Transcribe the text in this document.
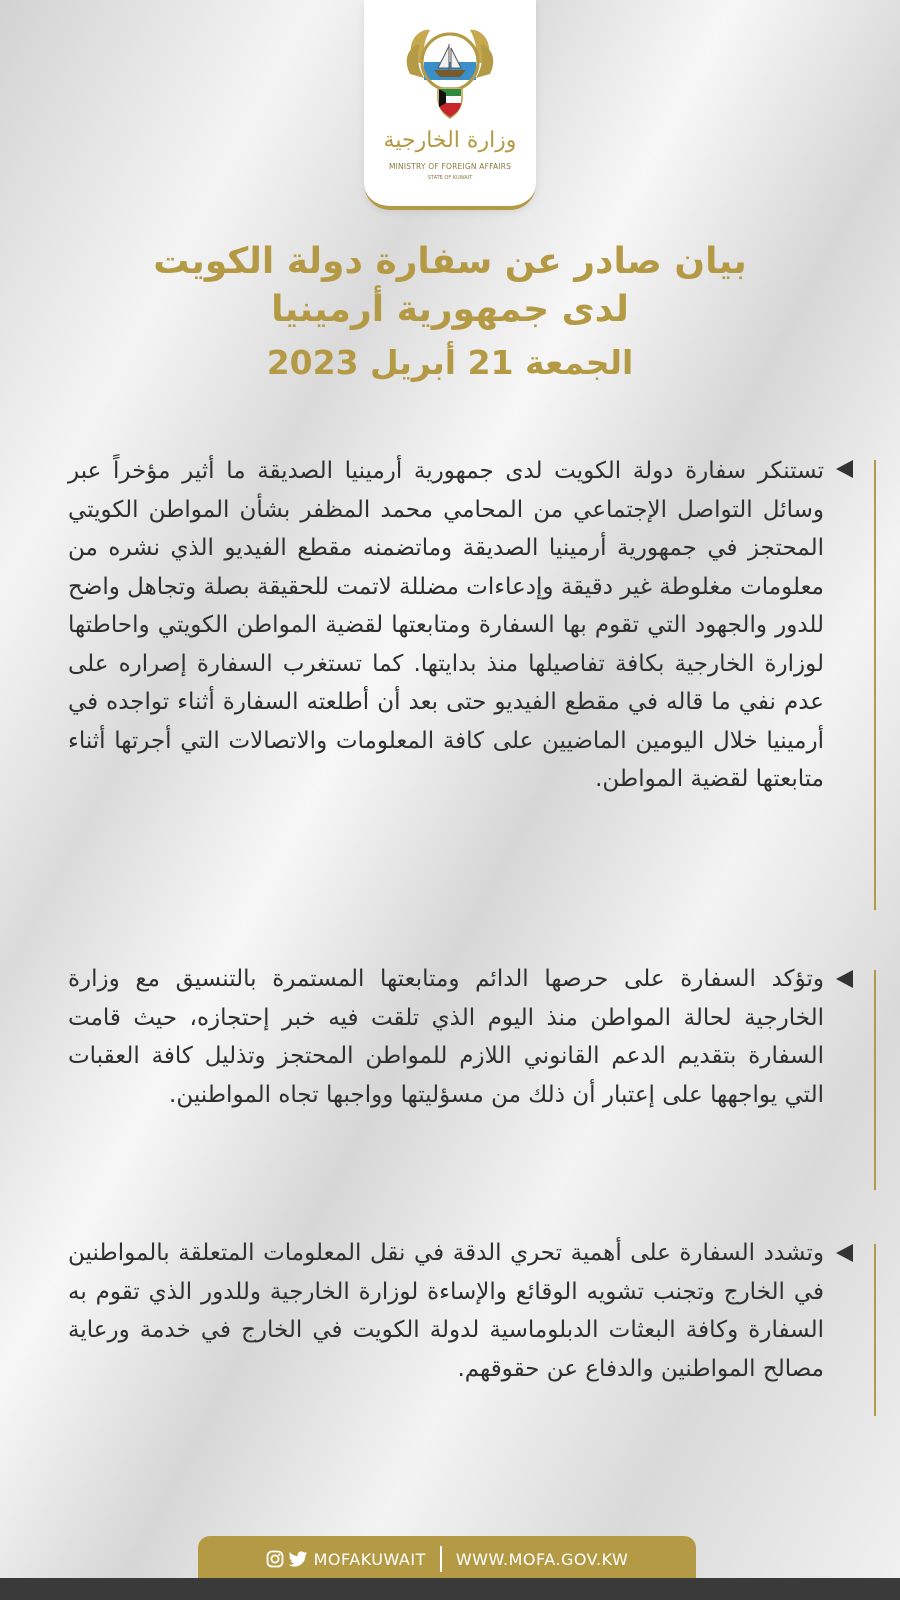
وزارة الخارجية
MINISTRY OF FOREIGN AFFAIRS
STATE OF KUWAIT
بيان صادر عن سفارة دولة الكويت
لدى جمهورية أرمينيا
الجمعة 21 أبريل 2023
تستنكر سفارة دولة الكويت لدى جمهورية أرمينيا الصديقة ما أثير مؤخراً عبر وسائل التواصل الإجتماعي من المحامي محمد المظفر بشأن المواطن الكويتي المحتجز في جمهورية أرمينيا الصديقة وماتضمنه مقطع الفيديو الذي نشره من معلومات مغلوطة غير دقيقة وإدعاءات مضللة لاتمت للحقيقة بصلة وتجاهل واضح للدور والجهود التي تقوم بها السفارة ومتابعتها لقضية المواطن الكويتي واحاطتها لوزارة الخارجية بكافة تفاصيلها منذ بدايتها. كما تستغرب السفارة إصراره على عدم نفي ما قاله في مقطع الفيديو حتى بعد أن أطلعته السفارة أثناء تواجده في أرمينيا خلال اليومين الماضيين على كافة المعلومات والاتصالات التي أجرتها أثناء متابعتها لقضية المواطن.
وتؤكد السفارة على حرصها الدائم ومتابعتها المستمرة بالتنسيق مع وزارة الخارجية لحالة المواطن منذ اليوم الذي تلقت فيه خبر إحتجازه، حيث قامت السفارة بتقديم الدعم القانوني اللازم للمواطن المحتجز وتذليل كافة العقبات التي يواجهها على إعتبار أن ذلك من مسؤليتها وواجبها تجاه المواطنين.
وتشدد السفارة على أهمية تحري الدقة في نقل المعلومات المتعلقة بالمواطنين في الخارج وتجنب تشويه الوقائع والإساءة لوزارة الخارجية وللدور الذي تقوم به السفارة وكافة البعثات الدبلوماسية لدولة الكويت في الخارج في خدمة ورعاية مصالح المواطنين والدفاع عن حقوقهم.
MOFAKUWAIT WWW.MOFA.GOV.KW
